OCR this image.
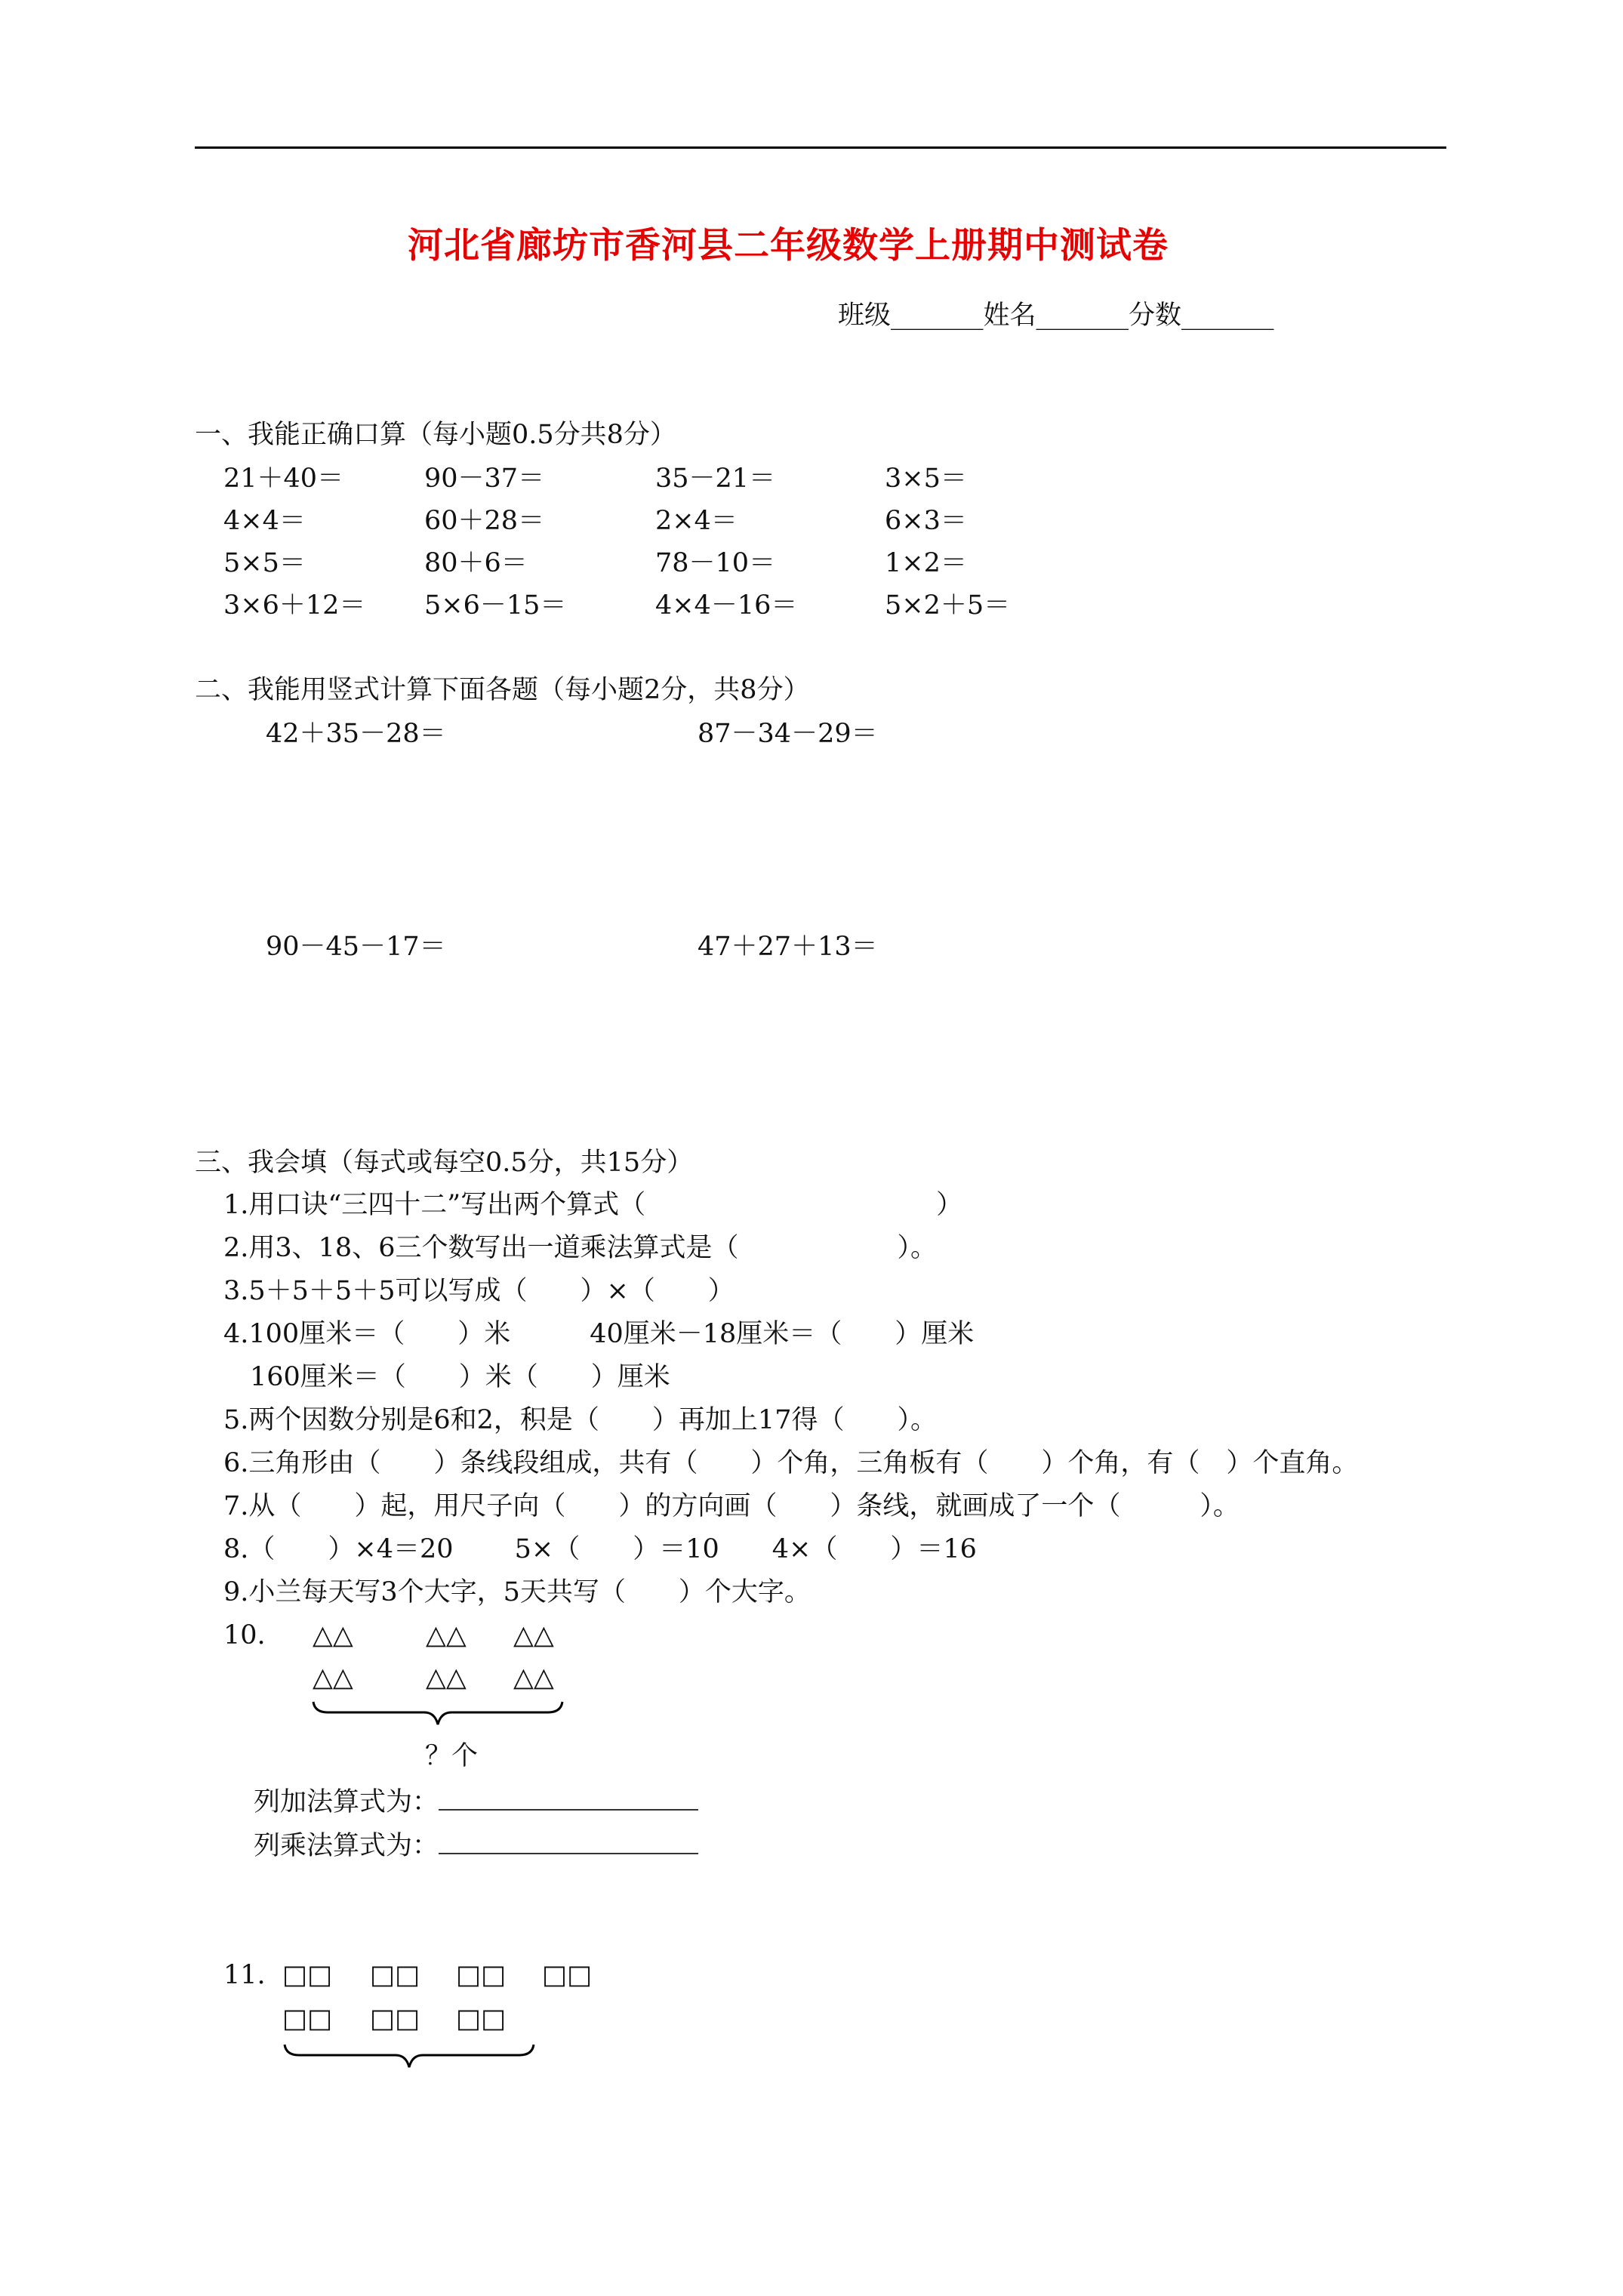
河北省廊坊市香河县二年级数学上册期中测试卷
班级_______姓名_______分数_______
一、我能正确口算（每小题0.5分共8分）
21＋40＝	90－37＝	35－21＝	3×5＝
4×4＝	60＋28＝	2×4＝	6×3＝
5×5＝	80＋6＝	78－10＝	1×2＝
3×6＋12＝ 5×6－15＝	4×4－16＝	5×2＋5＝
二、我能用竖式计算下面各题（每小题2分，共8分）
42＋35－28＝	87－34－29＝
90－45－17＝	47＋27＋13＝
三、我会填（每式或每空0.5分，共15分）
1.用口诀“三四十二”写出两个算式（　　　　　　　　　　　）
2.用3、18、6三个数写出一道乘法算式是（　　　　　　）。
3.5＋5＋5＋5可以写成（　　）×（　　）
4.100厘米＝（　　）米　　　40厘米－18厘米＝（　　）厘米
　160厘米＝（　　）米（　　）厘米
5.两个因数分别是6和2，积是（　　）再加上17得（　　）。
6.三角形由（　　）条线段组成，共有（　　）个角，三角板有（　　）个角，有（　）个直角。
7.从（　　）起，用尺子向（　　）的方向画（　　）条线，就画成了一个（　　　）。
8.（　　）×4＝20　　 5×（　　）＝10　　4×（　　）＝16
9.小兰每天写3个大字，5天共写（　　）个大字。
10. △△	△△ △△
△△	△△ △△
？个
列加法算式为：
列乘法算式为：
11. □□ □□ □□ □□
□□ □□ □□
